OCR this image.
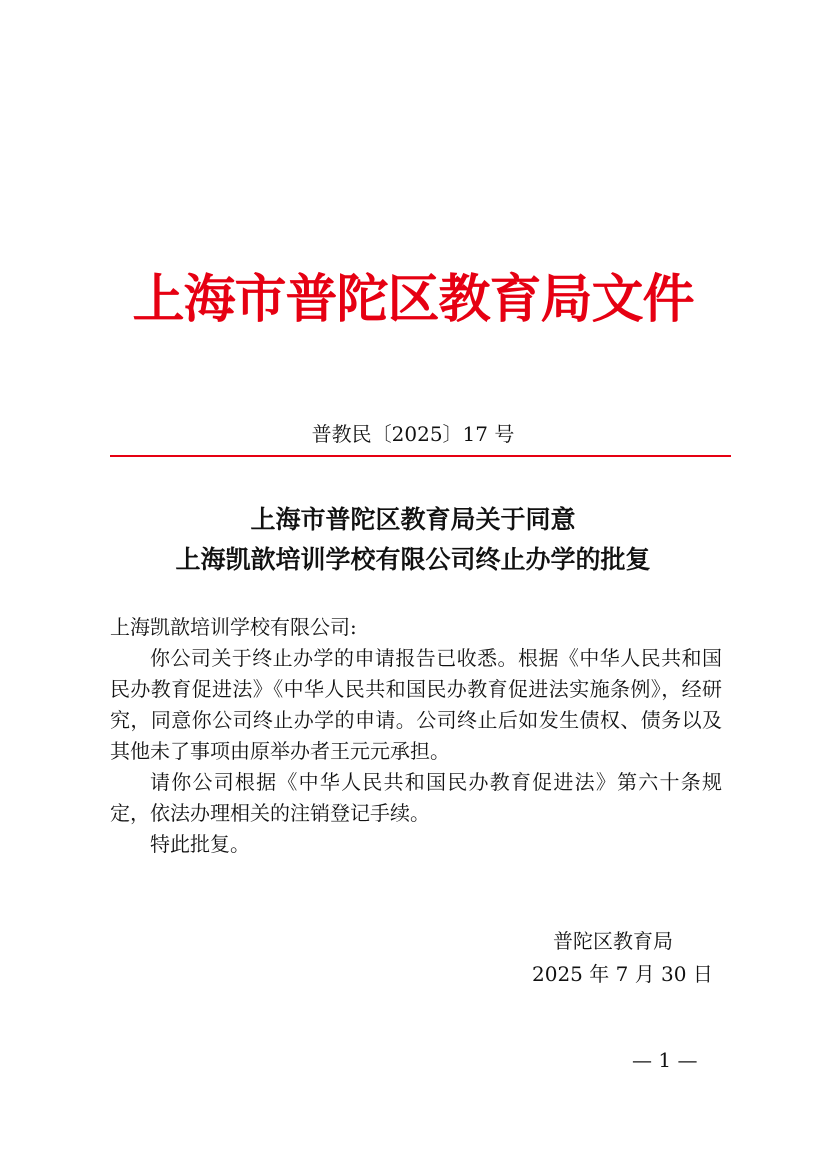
上海市普陀区教育局文件
普教民〔2025〕17 号
上海市普陀区教育局关于同意
上海凯歆培训学校有限公司终止办学的批复

上海凯歆培训学校有限公司:

你公司关于终止办学的申请报告已收悉。根据《中华人民共和国民办教育促进法》《中华人民共和国民办教育促进法实施条例》，经研究，同意你公司终止办学的申请。公司终止后如发生债权、债务以及其他未了事项由原举办者王元元承担。

请你公司根据《中华人民共和国民办教育促进法》第六十条规定，依法办理相关的注销登记手续。

特此批复。

普陀区教育局
2025 年 7 月 30 日
— 1 —
